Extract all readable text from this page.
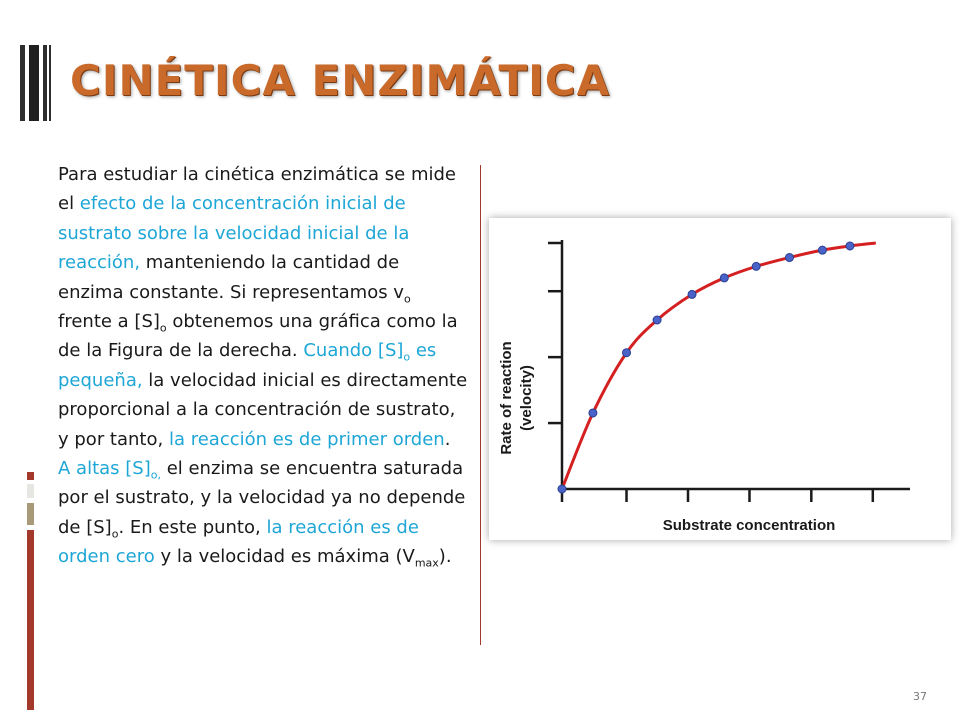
CINÉTICA ENZIMÁTICA
Para estudiar la cinética enzimática se mide el efecto de la concentración inicial de sustrato sobre la velocidad inicial de la reacción, manteniendo la cantidad de enzima constante. Si representamos $v_o$ frente a $[S]_o$ obtenemos una gráfica como la de la Figura de la derecha. Cuando $[S]_o$ es pequeña, la velocidad inicial es directamente proporcional a la concentración de sustrato, y por tanto, la reacción es de primer orden. A altas $[S]_{o,}$ el enzima se encuentra saturada por el sustrato, y la velocidad ya no depende de $[S]_o$. En este punto, la reacción es de orden cero y la velocidad es máxima $(V_{max})$.
Rate of reaction (velocity)
Substrate concentration
37
